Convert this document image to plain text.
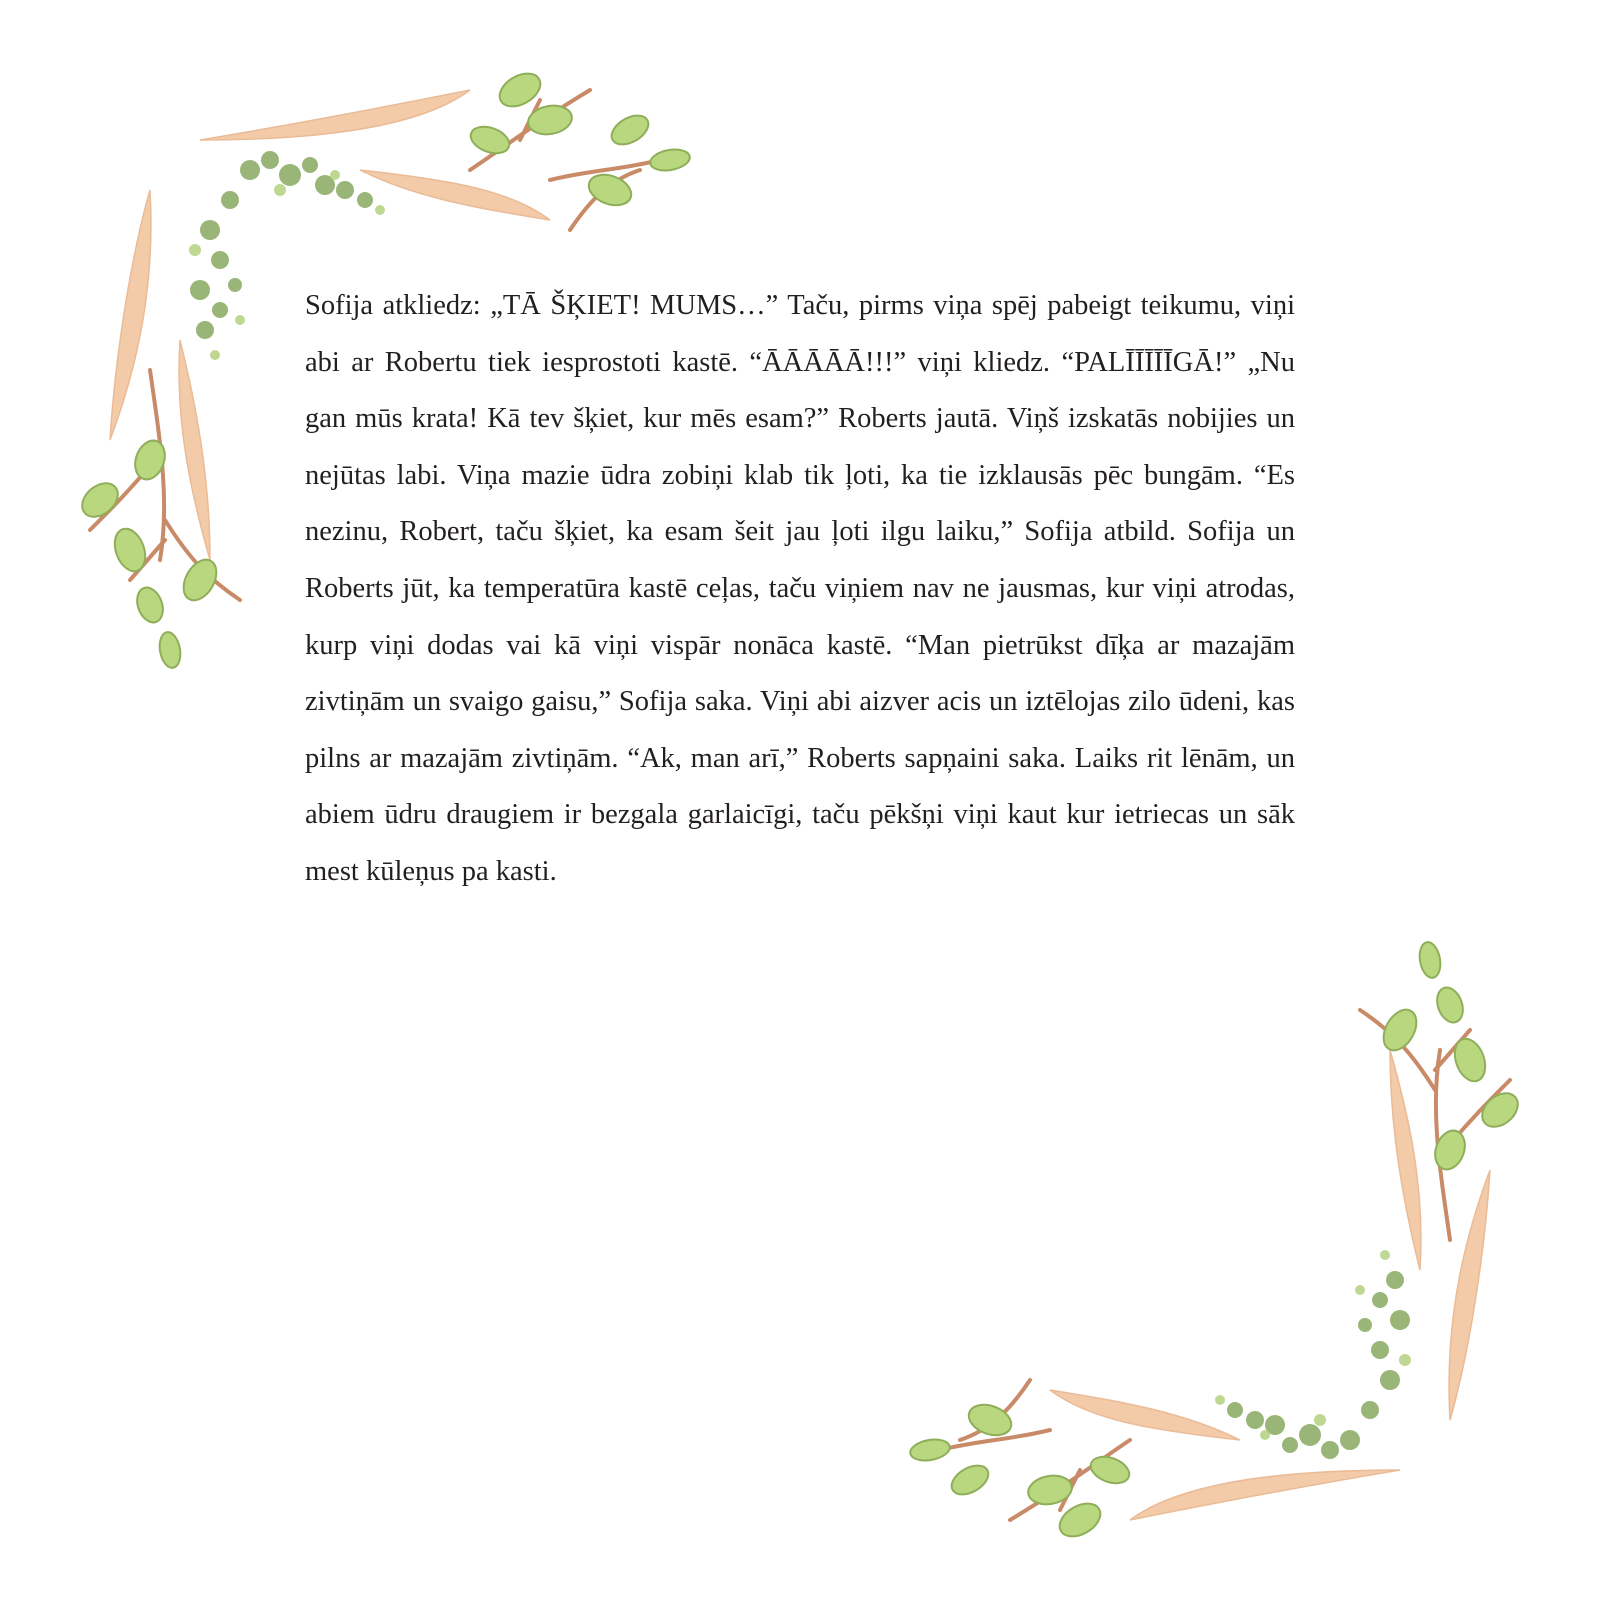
Sofija atkliedz: „TĀ ŠĶIET! MUMS…” Taču, pirms viņa spēj pabeigt teikumu, viņi abi ar Robertu tiek iesprostoti kastē. “ĀĀĀĀĀ!!!” viņi kliedz. “PALĪĪĪĪĪGĀ!” „Nu gan mūs krata! Kā tev šķiet, kur mēs esam?” Roberts jautā. Viņš izskatās nobijies un nejūtas labi. Viņa mazie ūdra zobiņi klab tik ļoti, ka tie izklausās pēc bungām. “Es nezinu, Robert, taču šķiet, ka esam šeit jau ļoti ilgu laiku,” Sofija atbild. Sofija un Roberts jūt, ka temperatūra kastē ceļas, taču viņiem nav ne jausmas, kur viņi atrodas, kurp viņi dodas vai kā viņi vispār nonāca kastē. “Man pietrūkst dīķa ar mazajām zivtiņām un svaigo gaisu,” Sofija saka. Viņi abi aizver acis un iztēlojas zilo ūdeni, kas pilns ar mazajām zivtiņām. “Ak, man arī,” Roberts sapņaini saka. Laiks rit lēnām, un abiem ūdru draugiem ir bezgala garlaicīgi, taču pēkšņi viņi kaut kur ietriecas un sāk mest kūleņus pa kasti.
